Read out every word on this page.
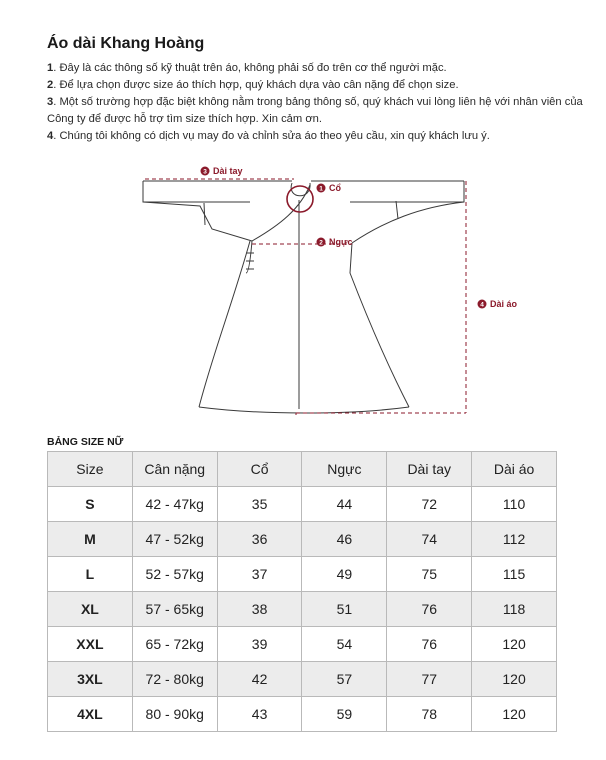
Áo dài Khang Hoàng

1. Đây là các thông số kỹ thuật trên áo, không phải số đo trên cơ thể người mặc.

2. Để lựa chọn được size áo thích hợp, quý khách dựa vào cân nặng để chọn size.

3. Một số trường hợp đặc biệt không nằm trong bảng thông số, quý khách vui lòng liên hệ với nhân viên của Công ty để được hỗ trợ tìm size thích hợp. Xin cảm ơn.

4. Chúng tôi không có dịch vụ may đo và chỉnh sửa áo theo yêu cầu, xin quý khách lưu ý.

3 Dài tay
1 Cổ
2 Ngực
4 Dài áo
BẢNG SIZE NỮ
Size	Cân nặng	Cổ	Ngực	Dài tay	Dài áo
S	42 - 47kg	35	44	72	110
M	47 - 52kg	36	46	74	112
L	52 - 57kg	37	49	75	115
XL	57 - 65kg	38	51	76	118
XXL	65 - 72kg	39	54	76	120
3XL	72 - 80kg	42	57	77	120
4XL	80 - 90kg	43	59	78	120
